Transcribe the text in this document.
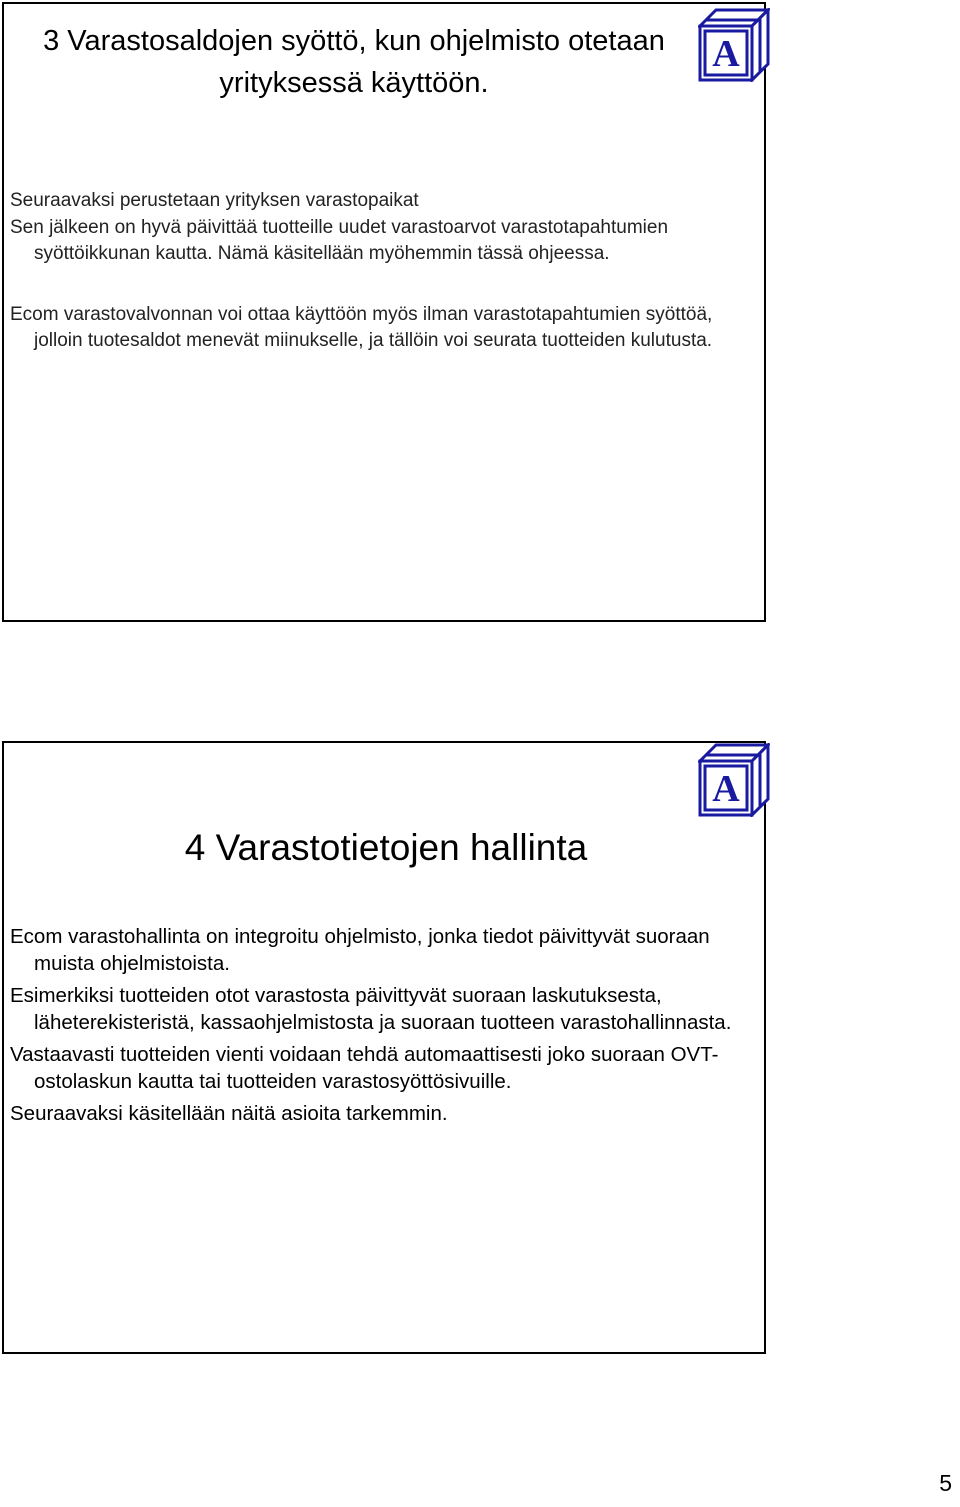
3 Varastosaldojen syöttö, kun ohjelmisto otetaan
yrityksessä käyttöön.
A

Seuraavaksi perustetaan yrityksen varastopaikat

Sen jälkeen on hyvä päivittää tuotteille uudet varastoarvot varastotapahtumien syöttöikkunan kautta. Nämä käsitellään myöhemmin tässä ohjeessa.

Ecom varastovalvonnan voi ottaa käyttöön myös ilman varastotapahtumien syöttöä, jolloin tuotesaldot menevät miinukselle, ja tällöin voi seurata tuotteiden kulutusta.

A
4 Varastotietojen hallinta

Ecom varastohallinta on integroitu ohjelmisto, jonka tiedot päivittyvät suoraan muista ohjelmistoista.

Esimerkiksi tuotteiden otot varastosta päivittyvät suoraan laskutuksesta, läheterekisteristä, kassaohjelmistosta ja suoraan tuotteen varastohallinnasta.

Vastaavasti tuotteiden vienti voidaan tehdä automaattisesti joko suoraan OVT-ostolaskun kautta tai tuotteiden varastosyöttösivuille.

Seuraavaksi käsitellään näitä asioita tarkemmin.

5
